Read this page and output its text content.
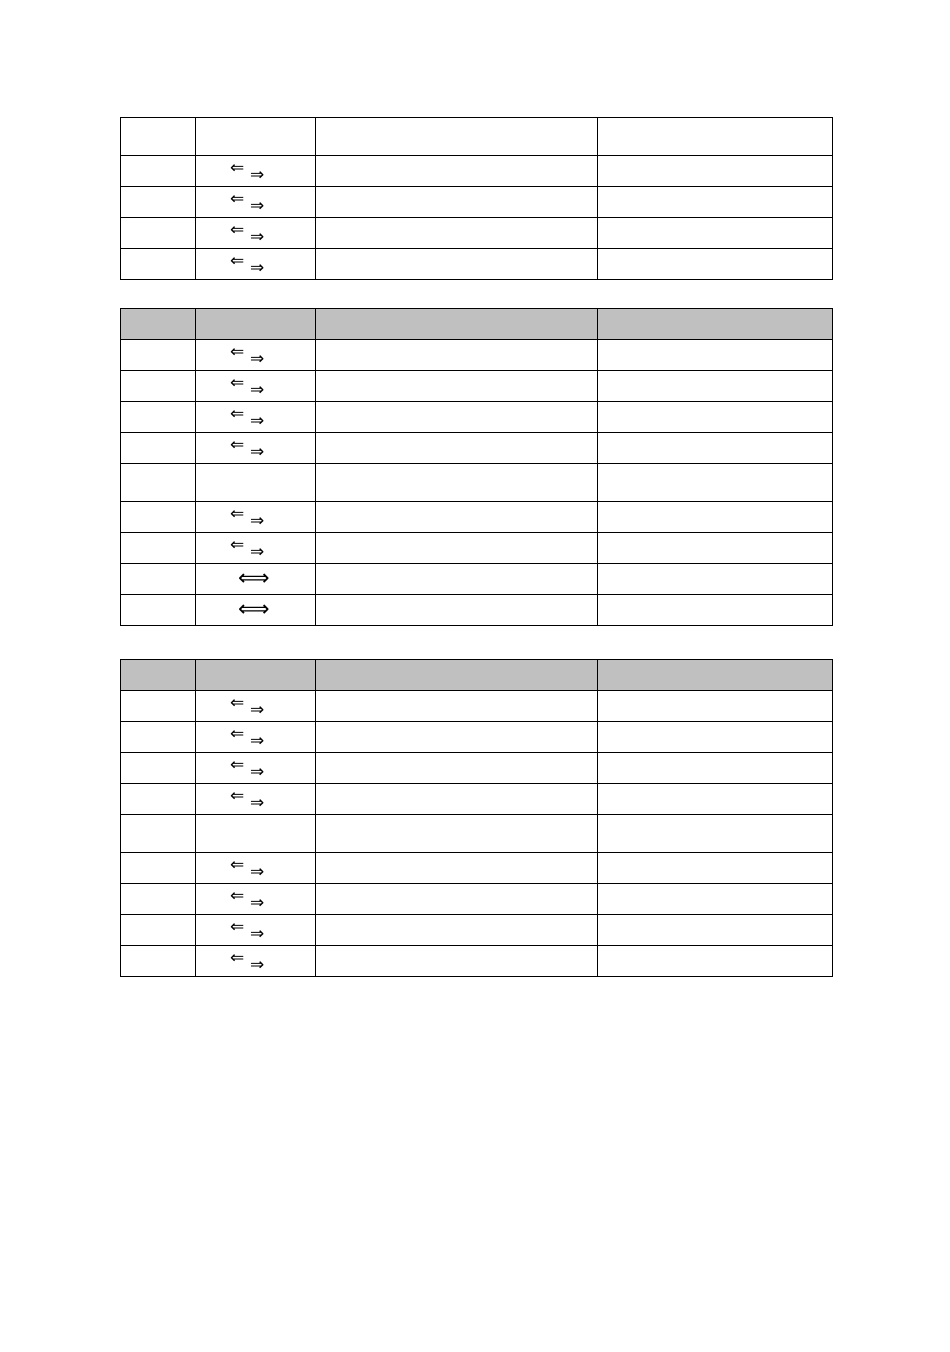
	⇐ ⇒		

	⇐ ⇒		

	⇐ ⇒		

	⇐ ⇒		

	⇐ ⇒		

	⇐ ⇒		

	⇐ ⇒		

	⇐ ⇒		

	⇐ ⇒		

	⇐ ⇒		

	⟺		

	⟺		

	⇐ ⇒		

	⇐ ⇒		

	⇐ ⇒		

	⇐ ⇒		

	⇐ ⇒		

	⇐ ⇒		

	⇐ ⇒		

	⇐ ⇒		
